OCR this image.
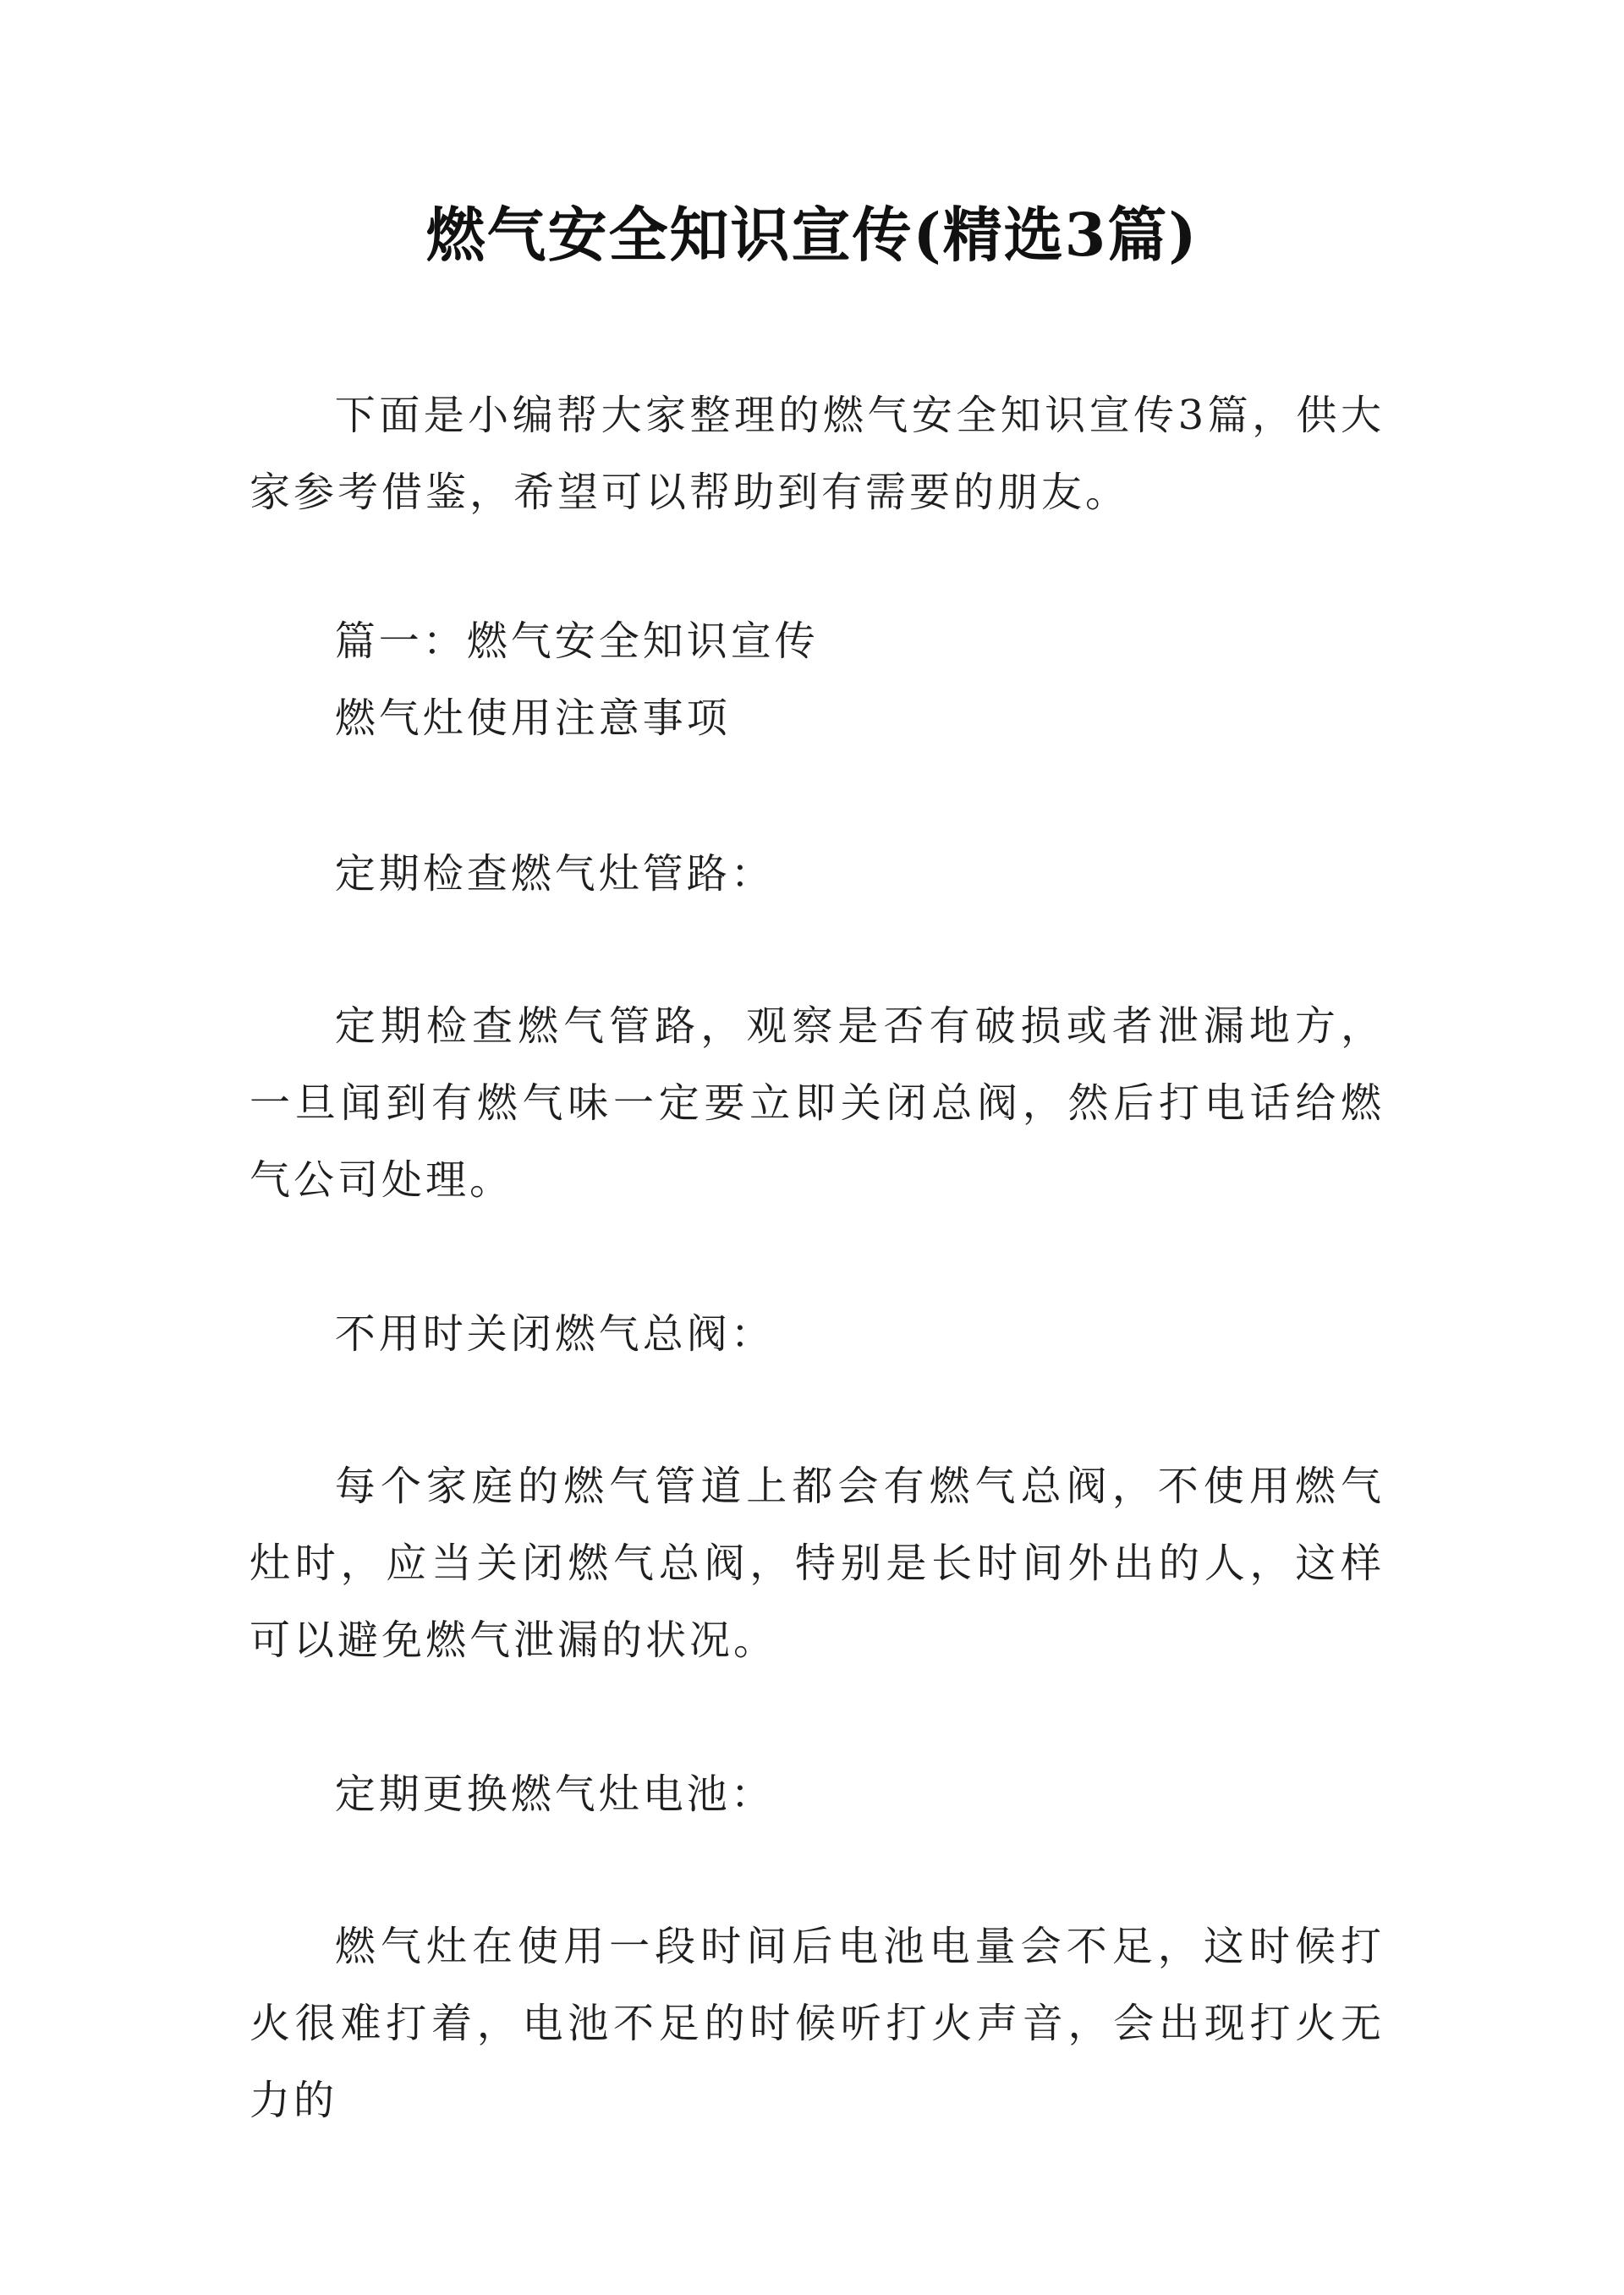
燃气安全知识宣传(精选3篇)

下面是小编帮大家整理的燃气安全知识宣传3篇，供大家参考借鉴，希望可以帮助到有需要的朋友。

篇一：燃气安全知识宣传

燃气灶使用注意事项

定期检查燃气灶管路：

定期检查燃气管路，观察是否有破损或者泄漏地方，一旦闻到有燃气味一定要立即关闭总阀，然后打电话给燃气公司处理。

不用时关闭燃气总阀：

每个家庭的燃气管道上都会有燃气总阀，不使用燃气灶时，应当关闭燃气总阀，特别是长时间外出的人，这样可以避免燃气泄漏的状况。

定期更换燃气灶电池：

燃气灶在使用一段时间后电池电量会不足，这时候打火很难打着，电池不足的时候听打火声音，会出现打火无力的
